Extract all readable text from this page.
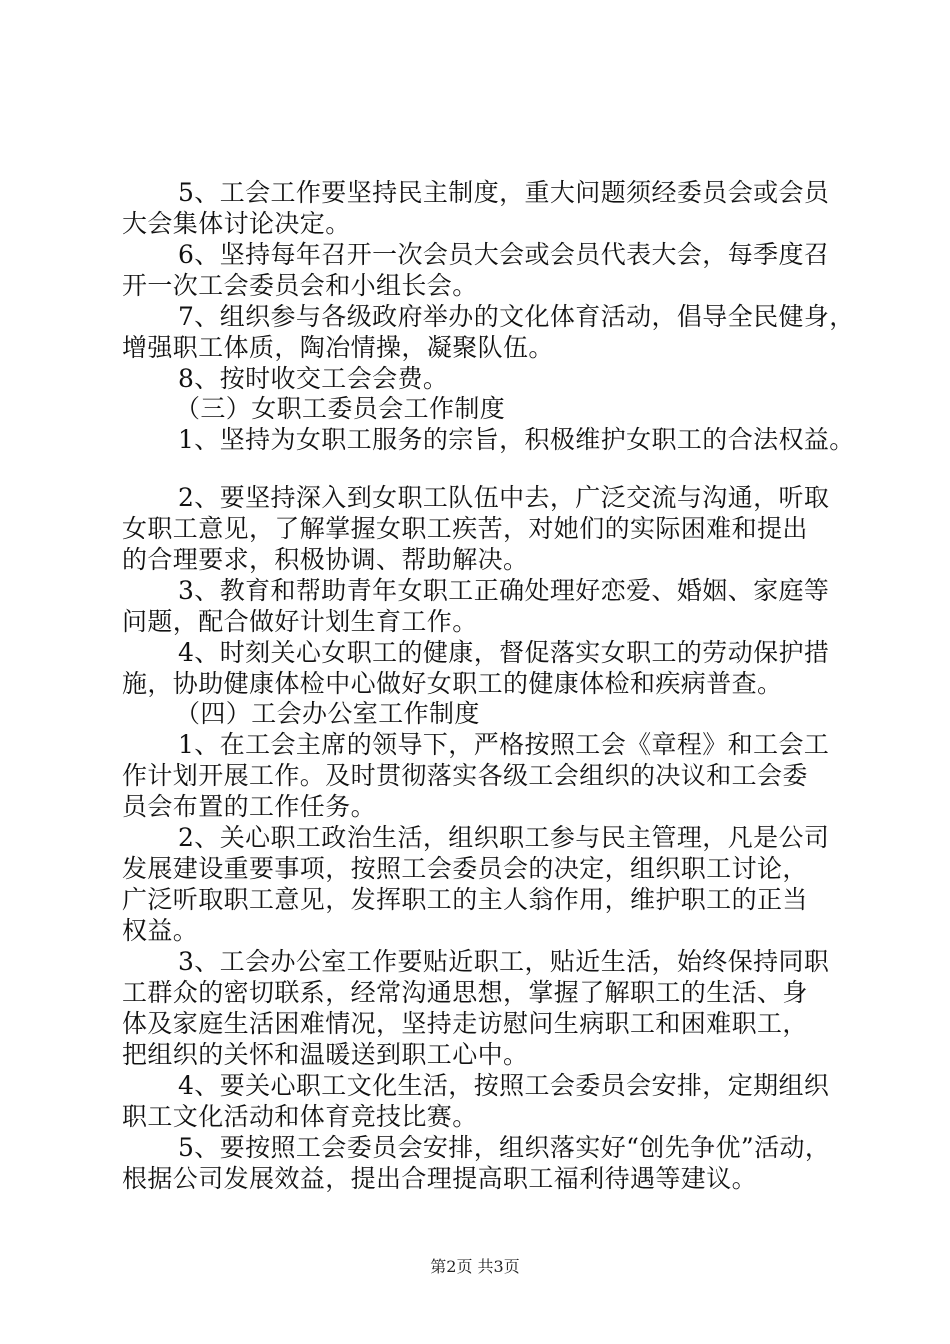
5、工会工作要坚持民主制度，重大问题须经委员会或会员
大会集体讨论决定。
6、坚持每年召开一次会员大会或会员代表大会，每季度召
开一次工会委员会和小组长会。
7、组织参与各级政府举办的文化体育活动，倡导全民健身，
增强职工体质，陶冶情操，凝聚队伍。
8、按时收交工会会费。
（三）女职工委员会工作制度
1、坚持为女职工服务的宗旨，积极维护女职工的合法权益。
2、要坚持深入到女职工队伍中去，广泛交流与沟通，听取
女职工意见，了解掌握女职工疾苦，对她们的实际困难和提出
的合理要求，积极协调、帮助解决。
3、教育和帮助青年女职工正确处理好恋爱、婚姻、家庭等
问题，配合做好计划生育工作。
4、时刻关心女职工的健康，督促落实女职工的劳动保护措
施，协助健康体检中心做好女职工的健康体检和疾病普查。
（四）工会办公室工作制度
1、在工会主席的领导下，严格按照工会《章程》和工会工
作计划开展工作。及时贯彻落实各级工会组织的决议和工会委
员会布置的工作任务。
2、关心职工政治生活，组织职工参与民主管理，凡是公司
发展建设重要事项，按照工会委员会的决定，组织职工讨论，
广泛听取职工意见，发挥职工的主人翁作用，维护职工的正当
权益。
3、工会办公室工作要贴近职工，贴近生活，始终保持同职
工群众的密切联系，经常沟通思想，掌握了解职工的生活、身
体及家庭生活困难情况，坚持走访慰问生病职工和困难职工，
把组织的关怀和温暖送到职工心中。
4、要关心职工文化生活，按照工会委员会安排，定期组织
职工文化活动和体育竞技比赛。
5、要按照工会委员会安排，组织落实好“创先争优”活动，
根据公司发展效益，提出合理提高职工福利待遇等建议。
第2页 共3页
